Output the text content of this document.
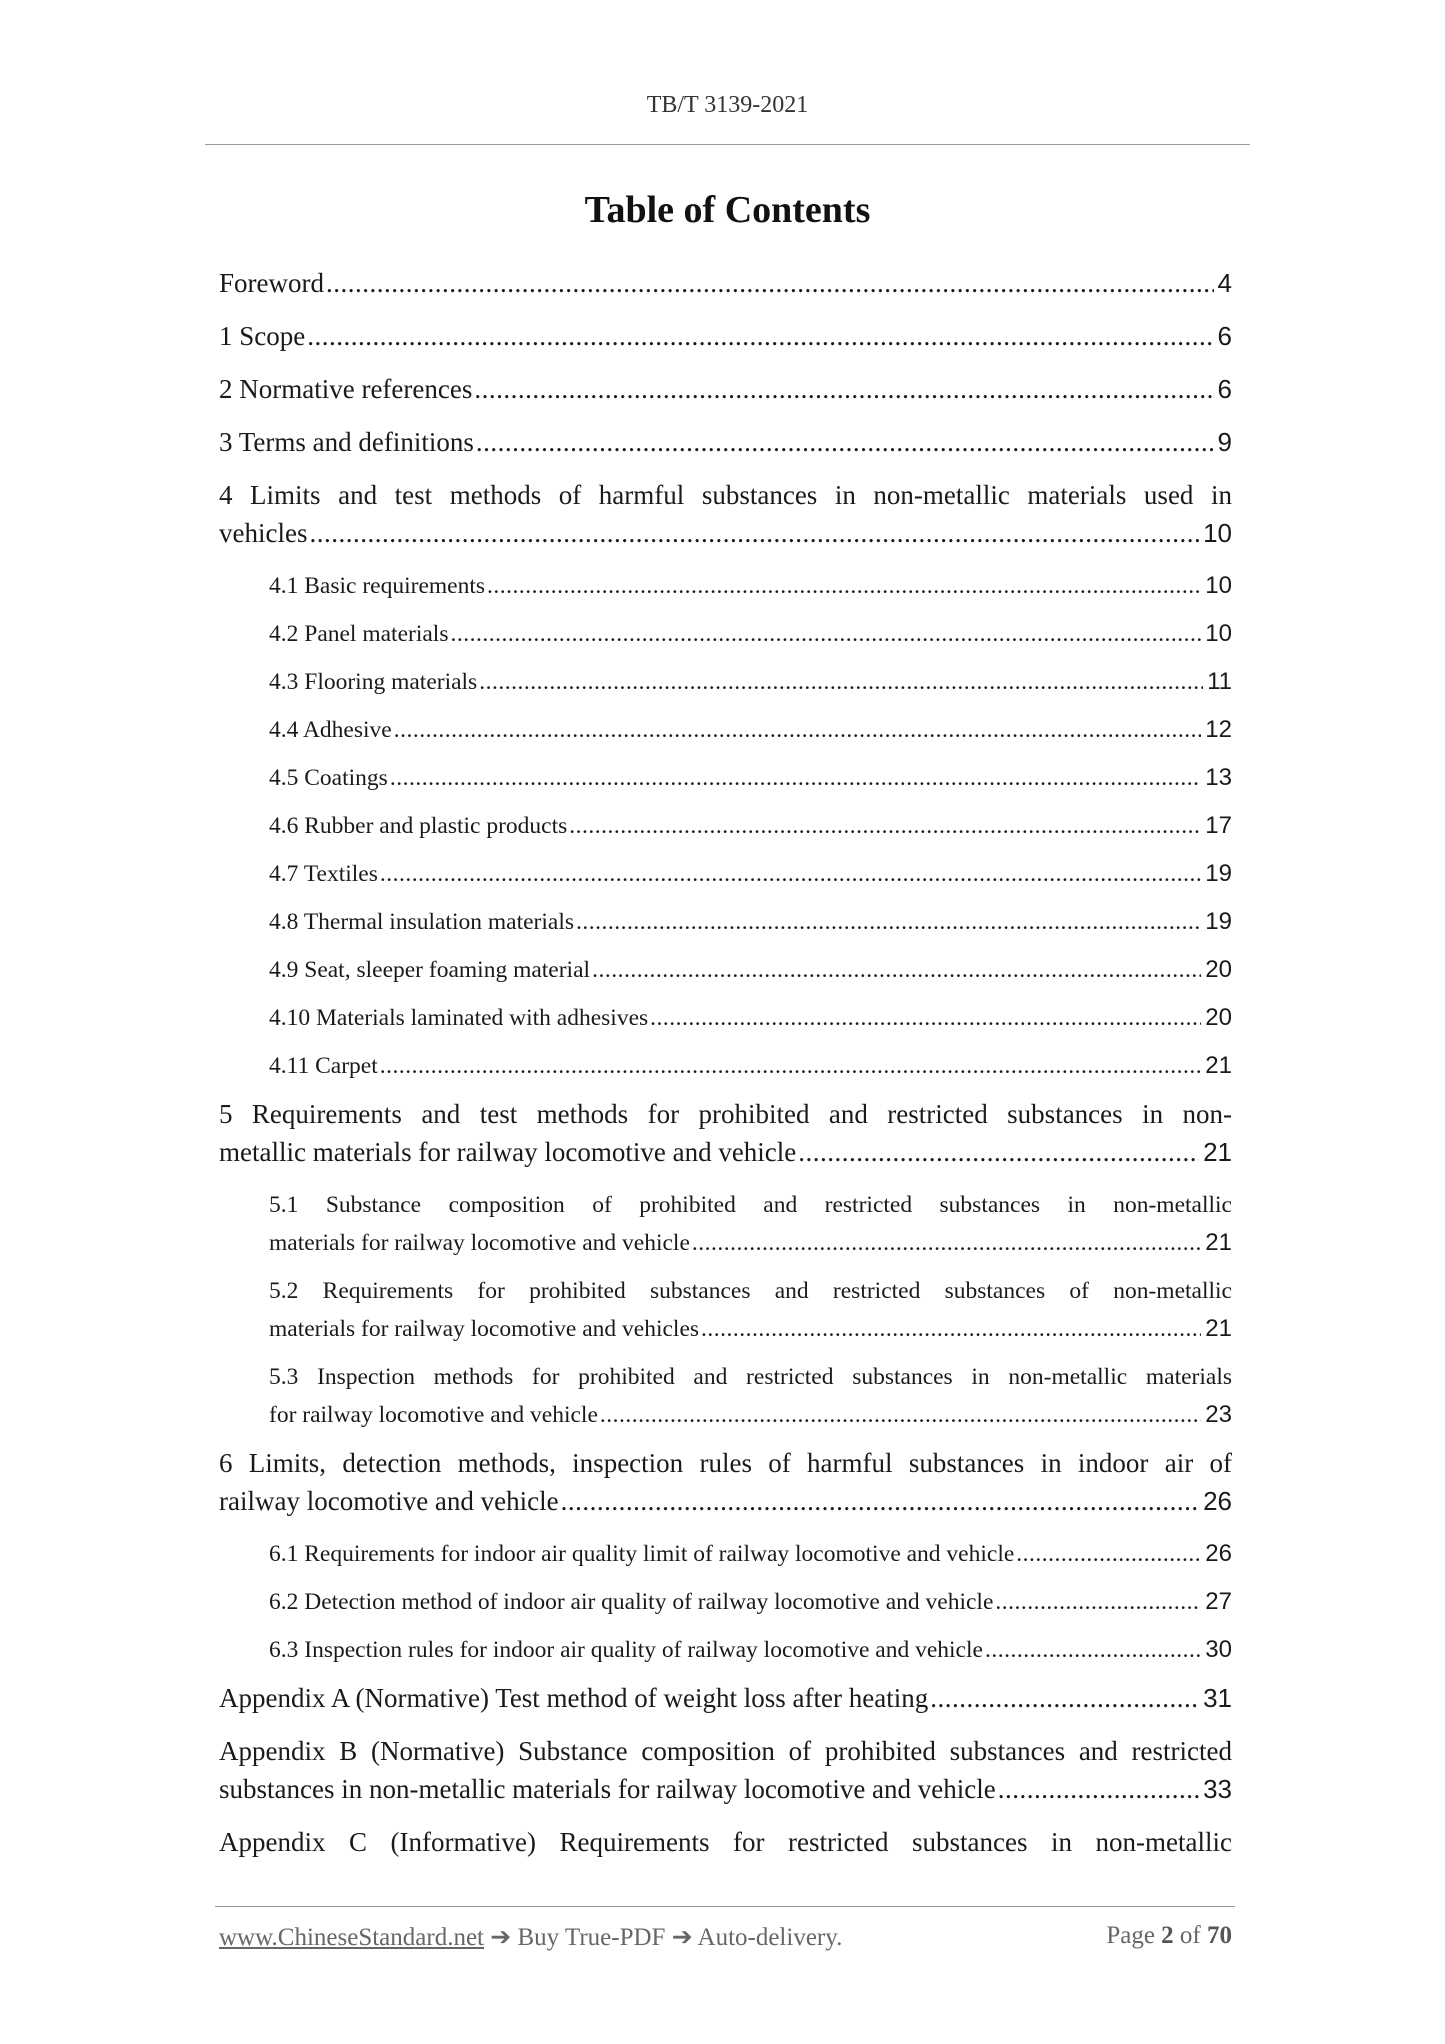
TB/T 3139-2021
Table of Contents
Foreword .....	4
1 Scope .....	6
2 Normative references .....	6
3 Terms and definitions .....	9
4 Limits and test methods of harmful substances in non-metallic materials used in
vehicles .....	10
4.1 Basic requirements .....	10
4.2 Panel materials .....	10
4.3 Flooring materials .....	11
4.4 Adhesive .....	12
4.5 Coatings .....	13
4.6 Rubber and plastic products .....	17
4.7 Textiles .....	19
4.8 Thermal insulation materials .....	19
4.9 Seat, sleeper foaming material .....	20
4.10 Materials laminated with adhesives .....	20
4.11 Carpet .....	21
5 Requirements and test methods for prohibited and restricted substances in non-
metallic materials for railway locomotive and vehicle .....	21
5.1 Substance composition of prohibited and restricted substances in non-metallic
materials for railway locomotive and vehicle .....	21
5.2 Requirements for prohibited substances and restricted substances of non-metallic
materials for railway locomotive and vehicles .....	21
5.3 Inspection methods for prohibited and restricted substances in non-metallic materials
for railway locomotive and vehicle .....	23
6 Limits, detection methods, inspection rules of harmful substances in indoor air of
railway locomotive and vehicle .....	26
6.1 Requirements for indoor air quality limit of railway locomotive and vehicle .....	26
6.2 Detection method of indoor air quality of railway locomotive and vehicle .....	27
6.3 Inspection rules for indoor air quality of railway locomotive and vehicle .....	30
Appendix A (Normative) Test method of weight loss after heating .....	31
Appendix B (Normative) Substance composition of prohibited substances and restricted
substances in non-metallic materials for railway locomotive and vehicle .....	33
Appendix C (Informative) Requirements for restricted substances in non-metallic
www.ChineseStandard.net ➔ Buy True-PDF ➔ Auto-delivery.	Page 2 of 70
